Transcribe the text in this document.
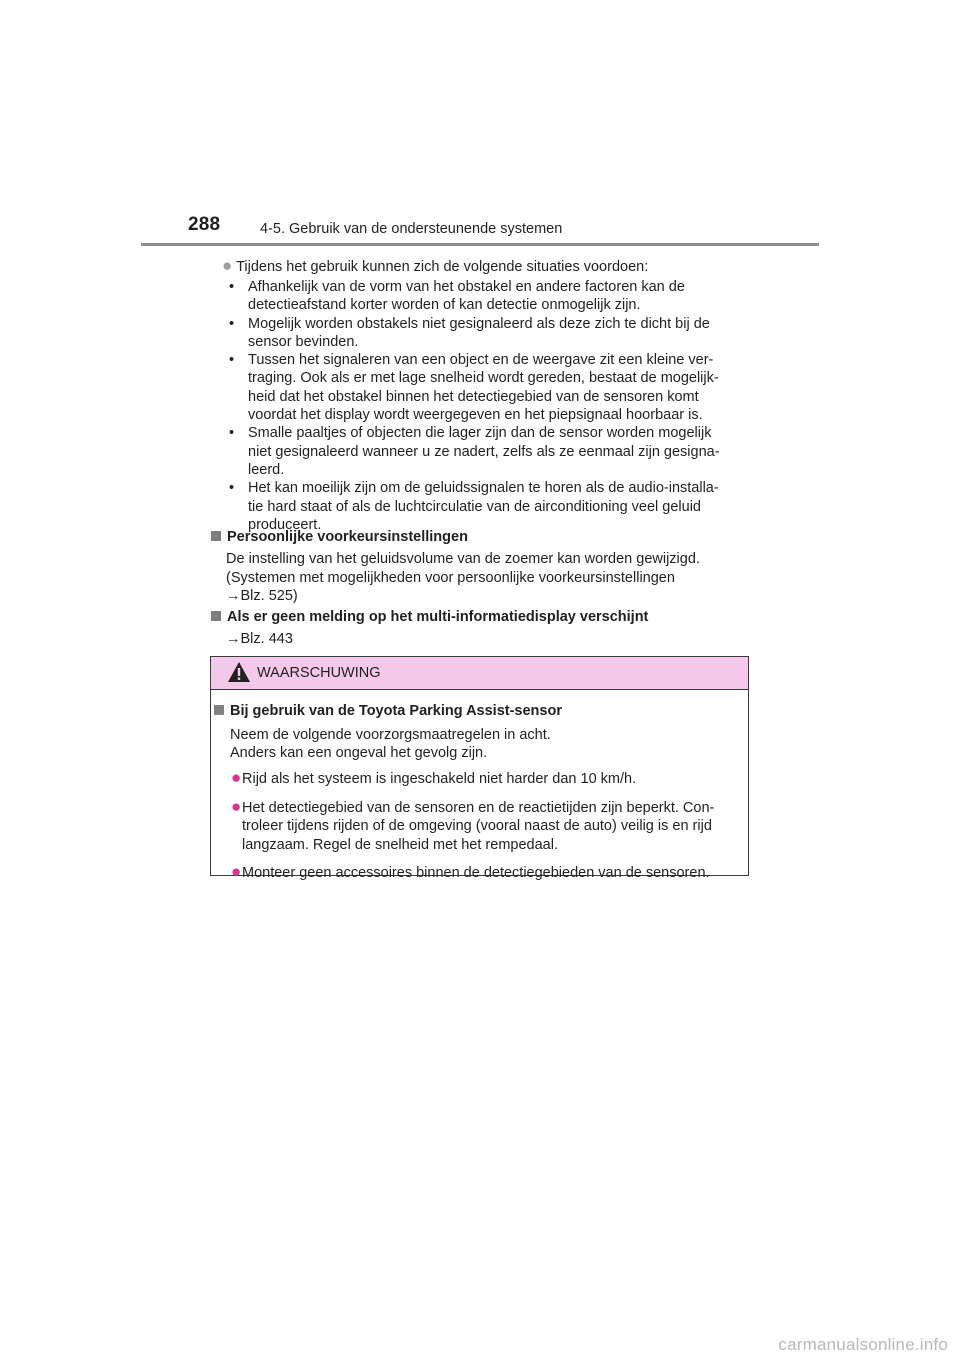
288	4-5. Gebruik van de ondersteunende systemen
● Tijdens het gebruik kunnen zich de volgende situaties voordoen:
• Afhankelijk van de vorm van het obstakel en andere factoren kan de
detectieafstand korter worden of kan detectie onmogelijk zijn.
• Mogelijk worden obstakels niet gesignaleerd als deze zich te dicht bij de
sensor bevinden.
• Tussen het signaleren van een object en de weergave zit een kleine ver-
traging. Ook als er met lage snelheid wordt gereden, bestaat de mogelijk-
heid dat het obstakel binnen het detectiegebied van de sensoren komt
voordat het display wordt weergegeven en het piepsignaal hoorbaar is.
• Smalle paaltjes of objecten die lager zijn dan de sensor worden mogelijk
niet gesignaleerd wanneer u ze nadert, zelfs als ze eenmaal zijn gesigna-
leerd.
• Het kan moeilijk zijn om de geluidssignalen te horen als de audio-installa-
tie hard staat of als de luchtcirculatie van de airconditioning veel geluid
produceert.
Persoonlijke voorkeursinstellingen
De instelling van het geluidsvolume van de zoemer kan worden gewijzigd.
(Systemen met mogelijkheden voor persoonlijke voorkeursinstellingen
→Blz. 525)
Als er geen melding op het multi-informatiedisplay verschijnt
→Blz. 443
WAARSCHUWING
Bij gebruik van de Toyota Parking Assist-sensor
Neem de volgende voorzorgsmaatregelen in acht.
Anders kan een ongeval het gevolg zijn.
● Rijd als het systeem is ingeschakeld niet harder dan 10 km/h.
● Het detectiegebied van de sensoren en de reactietijden zijn beperkt. Con-
troleer tijdens rijden of de omgeving (vooral naast de auto) veilig is en rijd
langzaam. Regel de snelheid met het rempedaal.
● Monteer geen accessoires binnen de detectiegebieden van de sensoren.
carmanualsonline.info
